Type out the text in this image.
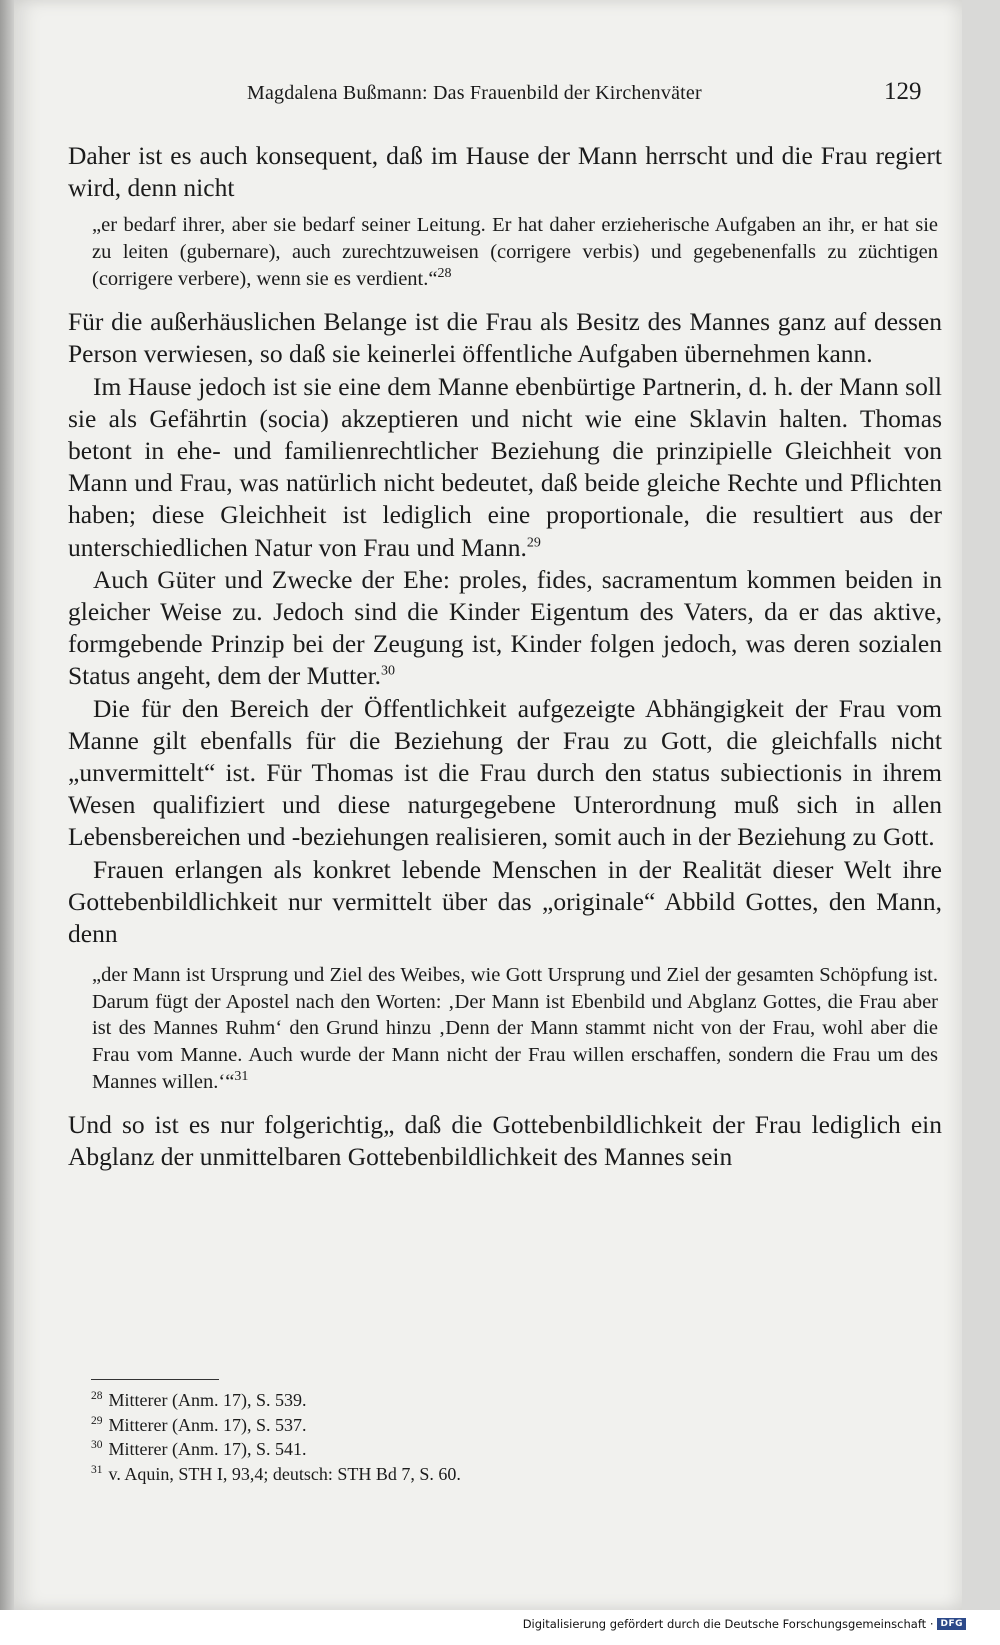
Magdalena Bußmann: Das Frauenbild der Kirchenväter	129

Daher ist es auch konsequent, daß im Hause der Mann herrscht und die Frau regiert wird, denn nicht

„er bedarf ihrer, aber sie bedarf seiner Leitung. Er hat daher erzieherische Aufgaben an ihr, er hat sie zu leiten (gubernare), auch zurechtzuweisen (corrigere verbis) und gegebenenfalls zu züchtigen (corrigere verbere), wenn sie es verdient.“$^{28}$

Für die außerhäuslichen Belange ist die Frau als Besitz des Mannes ganz auf dessen Person verwiesen, so daß sie keinerlei öffentliche Aufgaben übernehmen kann.

Im Hause jedoch ist sie eine dem Manne ebenbürtige Partnerin, d. h. der Mann soll sie als Gefährtin (socia) akzeptieren und nicht wie eine Sklavin halten. Thomas betont in ehe- und familienrechtlicher Beziehung die prinzipielle Gleichheit von Mann und Frau, was natürlich nicht bedeutet, daß beide gleiche Rechte und Pflichten haben; diese Gleichheit ist lediglich eine proportionale, die resultiert aus der unterschiedlichen Natur von Frau und Mann.$^{29}$

Auch Güter und Zwecke der Ehe: proles, fides, sacramentum kommen beiden in gleicher Weise zu. Jedoch sind die Kinder Eigentum des Vaters, da er das aktive, formgebende Prinzip bei der Zeugung ist, Kinder folgen jedoch, was deren sozialen Status angeht, dem der Mutter.$^{30}$

Die für den Bereich der Öffentlichkeit aufgezeigte Abhängigkeit der Frau vom Manne gilt ebenfalls für die Beziehung der Frau zu Gott, die gleichfalls nicht „unvermittelt“ ist. Für Thomas ist die Frau durch den status subiectionis in ihrem Wesen qualifiziert und diese naturgegebene Unterordnung muß sich in allen Lebensbereichen und -beziehungen realisieren, somit auch in der Beziehung zu Gott.

Frauen erlangen als konkret lebende Menschen in der Realität dieser Welt ihre Gottebenbildlichkeit nur vermittelt über das „originale“ Abbild Gottes, den Mann, denn

„der Mann ist Ursprung und Ziel des Weibes, wie Gott Ursprung und Ziel der gesamten Schöpfung ist. Darum fügt der Apostel nach den Worten: ‚Der Mann ist Ebenbild und Abglanz Gottes, die Frau aber ist des Mannes Ruhm‘ den Grund hinzu ‚Denn der Mann stammt nicht von der Frau, wohl aber die Frau vom Manne. Auch wurde der Mann nicht der Frau willen erschaffen, sondern die Frau um des Mannes willen.‘“$^{31}$

Und so ist es nur folgerichtig„ daß die Gottebenbildlichkeit der Frau lediglich ein Abglanz der unmittelbaren Gottebenbildlichkeit des Mannes sein

$^{28}$ Mitterer (Anm. 17), S. 539.
$^{29}$ Mitterer (Anm. 17), S. 537.
$^{30}$ Mitterer (Anm. 17), S. 541.
$^{31}$ v. Aquin, STH I, 93,4; deutsch: STH Bd 7, S. 60.
Digitalisierung gefördert durch die Deutsche Forschungsgemeinschaft · DFG
